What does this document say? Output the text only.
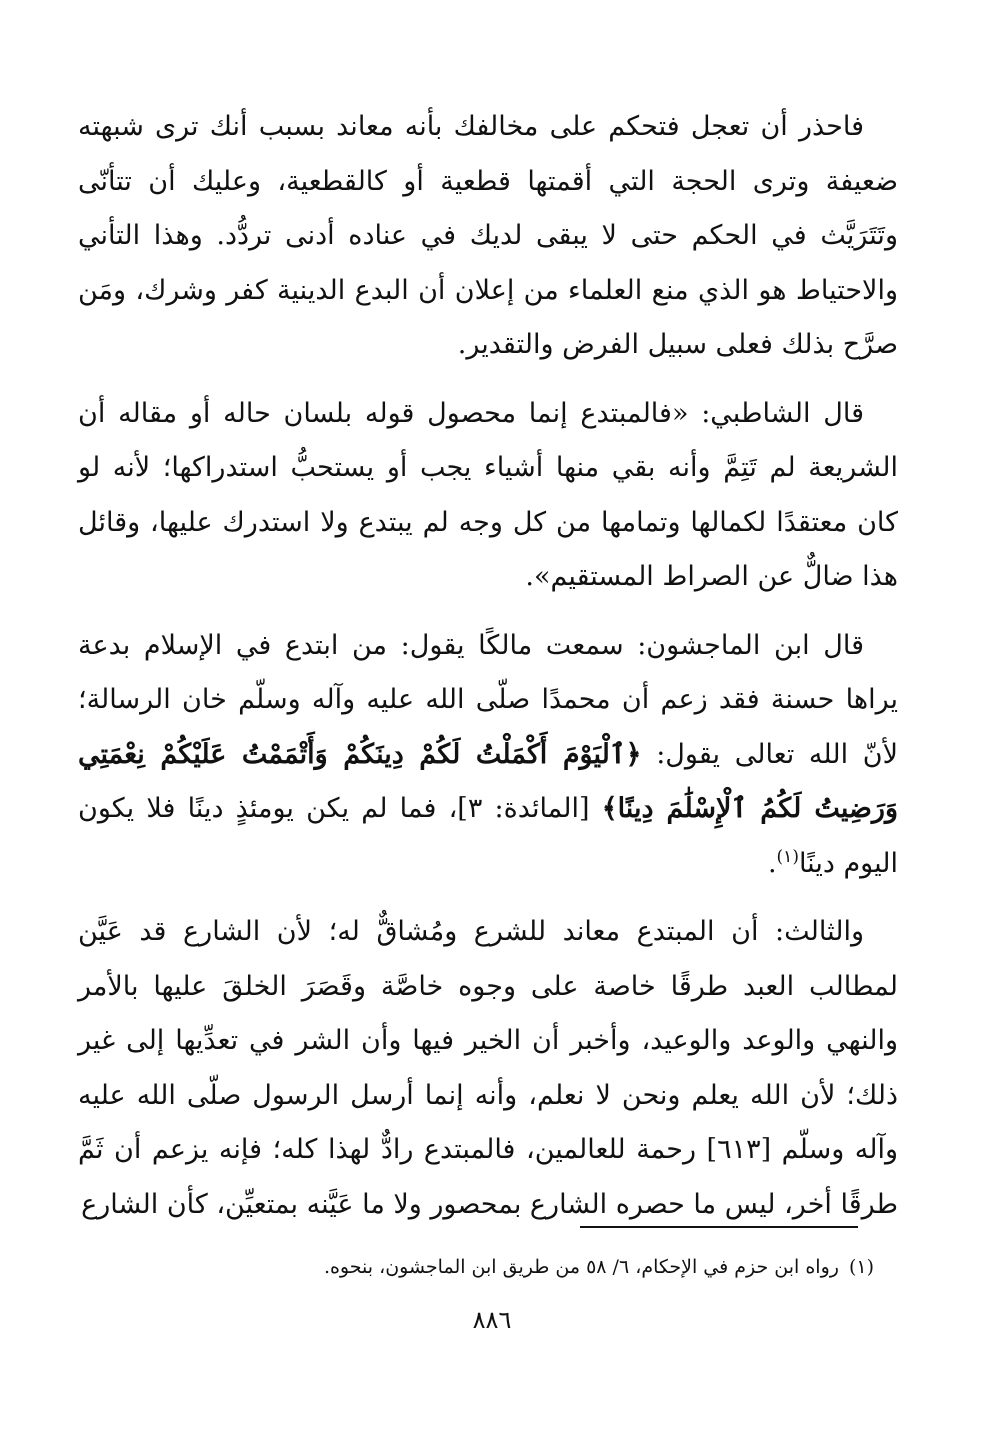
فاحذر أن تعجل فتحكم على مخالفك بأنه معاند بسبب أنك ترى شبهته ضعيفة وترى الحجة التي أقمتها قطعية أو كالقطعية، وعليك أن تتأنّى وتَتَرَيَّث في الحكم حتى لا يبقى لديك في عناده أدنى تردُّد. وهذا التأني والاحتياط هو الذي منع العلماء من إعلان أن البدع الدينية كفر وشرك، ومَن صرَّح بذلك فعلى سبيل الفرض والتقدير.

قال الشاطبي: «فالمبتدع إنما محصول قوله بلسان حاله أو مقاله أن الشريعة لم تَتِمَّ وأنه بقي منها أشياء يجب أو يستحبُّ استدراكها؛ لأنه لو كان معتقدًا لكمالها وتمامها من كل وجه لم يبتدع ولا استدرك عليها، وقائل هذا ضالٌّ عن الصراط المستقيم».

قال ابن الماجشون: سمعت مالكًا يقول: من ابتدع في الإسلام بدعة يراها حسنة فقد زعم أن محمدًا صلّى الله عليه وآله وسلّم خان الرسالة؛ لأنّ الله تعالى يقول: ﴿ٱلْيَوْمَ أَكْمَلْتُ لَكُمْ دِينَكُمْ وَأَتْمَمْتُ عَلَيْكُمْ نِعْمَتِي وَرَضِيتُ لَكُمُ ٱلْإِسْلَٰمَ دِينًا﴾ [المائدة: ٣]، فما لم يكن يومئذٍ دينًا فلا يكون اليوم دينًا$^{(١)}$.

والثالث: أن المبتدع معاند للشرع ومُشاقٌّ له؛ لأن الشارع قد عَيَّن لمطالب العبد طرقًا خاصة على وجوه خاصَّة وقَصَرَ الخلقَ عليها بالأمر والنهي والوعد والوعيد، وأخبر أن الخير فيها وأن الشر في تعدِّيها إلى غير ذلك؛ لأن الله يعلم ونحن لا نعلم، وأنه إنما أرسل الرسول صلّى الله عليه وآله وسلّم [٦١٣] رحمة للعالمين، فالمبتدع رادٌّ لهذا كله؛ فإنه يزعم أن ثَمَّ طرقًا أخر، ليس ما حصره الشارع بمحصور ولا ما عَيَّنه بمتعيِّن، كأن الشارع

(١)رواه ابن حزم في الإحكام، ٦/ ٥٨ من طريق ابن الماجشون، بنحوه.
٨٨٦
